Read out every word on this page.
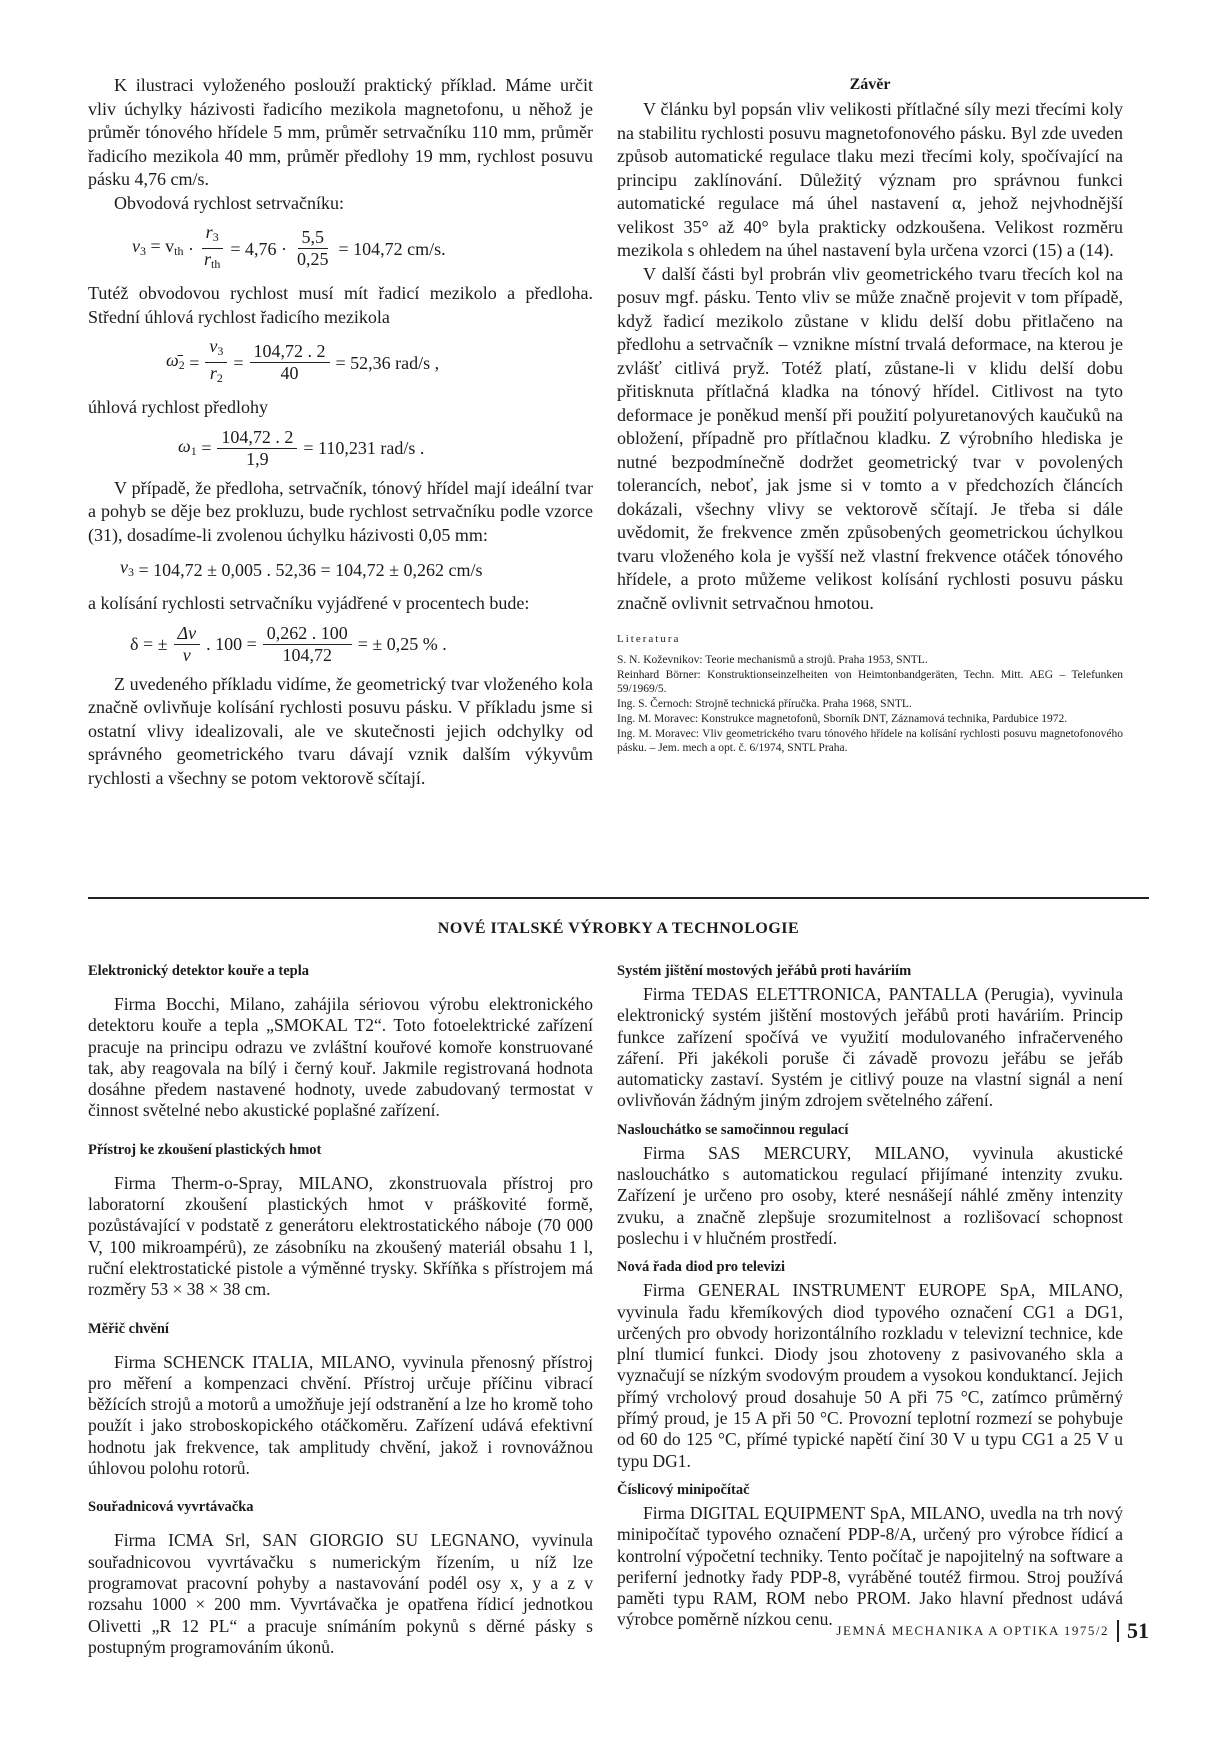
K ilustraci vyloženého poslouží praktický příklad. Máme určit vliv úchylky házivosti řadicího mezikola magnetofonu, u něhož je průměr tónového hřídele 5 mm, průměr setrvačníku 110 mm, průměr řadicího mezikola 40 mm, průměr předlohy 19 mm, rychlost posuvu pásku 4,76 cm/s.

Obvodová rychlost setrvačníku:

$v_3$
= $v_{th}$
· $\frac{r_3}{r_{th}} = 4,76 \cdot \frac{5,5}{0,25} = 104,72$ cm/s.

Tutéž obvodovou rychlost musí mít řadicí mezikolo a předloha. Střední úhlová rychlost řadicího mezikola

$\omegā_2$
= $\frac{v_3}{r_2} = \frac{104,72 . 2}{40} = 52,36$ rad/s ,

úhlová rychlost předlohy

$\omega_1$
= $\frac{104,72 . 2}{1,9} = 110,231$ rad/s .

V případě, že předloha, setrvačník, tónový hřídel mají ideální tvar a pohyb se děje bez prokluzu, bude rychlost setrvačníku podle vzorce (31), dosadíme-li zvolenou úchylku házivosti 0,05 mm:

$v_3$
= 104,72 ± 0,005 . 52,36 = 104,72 ± 0,262 cm/s

a kolísání rychlosti setrvačníku vyjádřené v procentech bude:

δ = ± $\frac{\Delta v}{v}$ . $100 = \frac{0,262 . 100}{104,72}$ = ± 0,25 % .

Z uvedeného příkladu vidíme, že geometrický tvar vloženého kola značně ovlivňuje kolísání rychlosti posuvu pásku. V příkladu jsme si ostatní vlivy idealizovali, ale ve skutečnosti jejich odchylky od správného geometrického tvaru dávají vznik dalším výkyvům rychlosti a všechny se potom vektorově sčítají.

Závěr

V článku byl popsán vliv velikosti přítlačné síly mezi třecími koly na stabilitu rychlosti posuvu magnetofonového pásku. Byl zde uveden způsob automatické regulace tlaku mezi třecími koly, spočívající na principu zaklínování. Důležitý význam pro správnou funkci automatické regulace má úhel nastavení α, jehož nejvhodnější velikost 35° až 40° byla prakticky odzkoušena. Velikost rozměru mezikola s ohledem na úhel nastavení byla určena vzorci (15) a (14).

V další části byl probrán vliv geometrického tvaru třecích kol na posuv mgf. pásku. Tento vliv se může značně projevit v tom případě, když řadicí mezikolo zůstane v klidu delší dobu přitlačeno na předlohu a setrvačník – vznikne místní trvalá deformace, na kterou je zvlášť citlivá pryž. Totéž platí, zůstane-li v klidu delší dobu přitisknuta přítlačná kladka na tónový hřídel. Citlivost na tyto deformace je poněkud menší při použití polyuretanových kaučuků na obložení, případně pro přítlačnou kladku. Z výrobního hlediska je nutné bezpodmínečně dodržet geometrický tvar v povolených tolerancích, neboť, jak jsme si v tomto a v předchozích článcích dokázali, všechny vlivy se vektorově sčítají. Je třeba si dále uvědomit, že frekvence změn způsobených geometrickou úchylkou tvaru vloženého kola je vyšší než vlastní frekvence otáček tónového hřídele, a proto můžeme velikost kolísání rychlosti posuvu pásku značně ovlivnit setrvačnou hmotou.

Literatura
S. N. Koževnikov: Teorie mechanismů a strojů. Praha 1953, SNTL.
Reinhard Börner: Konstruktionseinzelheiten von Heimtonbandgeräten, Techn. Mitt. AEG – Telefunken 59/1969/5.
Ing. S. Černoch: Strojně technická příručka. Praha 1968, SNTL.
Ing. M. Moravec: Konstrukce magnetofonů, Sborník DNT, Záznamová technika, Pardubice 1972.
Ing. M. Moravec: Vliv geometrického tvaru tónového hřídele na kolísání rychlosti posuvu magnetofonového pásku. – Jem. mech a opt. č. 6/1974, SNTL Praha.
NOVÉ ITALSKÉ VÝROBKY A TECHNOLOGIE
Elektronický detektor kouře a tepla

Firma Bocchi, Milano, zahájila sériovou výrobu elektronického detektoru kouře a tepla „SMOKAL T2“. Toto fotoelektrické zařízení pracuje na principu odrazu ve zvláštní kouřové komoře konstruované tak, aby reagovala na bílý i černý kouř. Jakmile registrovaná hodnota dosáhne předem nastavené hodnoty, uvede zabudovaný termostat v činnost světelné nebo akustické poplašné zařízení.

Přístroj ke zkoušení plastických hmot

Firma Therm-o-Spray, MILANO, zkonstruovala přístroj pro laboratorní zkoušení plastických hmot v práškovité formě, pozůstávající v podstatě z generátoru elektrostatického náboje (70 000 V, 100 mikroampérů), ze zásobníku na zkoušený materiál obsahu 1 l, ruční elektrostatické pistole a výměnné trysky. Skříňka s přístrojem má rozměry 53 × 38 × 38 cm.

Měřič chvění

Firma SCHENCK ITALIA, MILANO, vyvinula přenosný přístroj pro měření a kompenzaci chvění. Přístroj určuje příčinu vibrací běžících strojů a motorů a umožňuje její odstranění a lze ho kromě toho použít i jako stroboskopického otáčkoměru. Zařízení udává efektivní hodnotu jak frekvence, tak amplitudy chvění, jakož i rovnovážnou úhlovou polohu rotorů.

Souřadnicová vyvrtávačka

Firma ICMA Srl, SAN GIORGIO SU LEGNANO, vyvinula souřadnicovou vyvrtávačku s numerickým řízením, u níž lze programovat pracovní pohyby a nastavování podél osy x, y a z v rozsahu 1000 × 200 mm. Vyvrtávačka je opatřena řídicí jednotkou Olivetti „R 12 PL“ a pracuje snímáním pokynů s děrné pásky s postupným programováním úkonů.

Systém jištění mostových jeřábů proti haváriím

Firma TEDAS ELETTRONICA, PANTALLA (Perugia), vyvinula elektronický systém jištění mostových jeřábů proti haváriím. Princip funkce zařízení spočívá ve využití modulovaného infračerveného záření. Při jakékoli poruše či závadě provozu jeřábu se jeřáb automaticky zastaví. Systém je citlivý pouze na vlastní signál a není ovlivňován žádným jiným zdrojem světelného záření.

Naslouchátko se samočinnou regulací

Firma SAS MERCURY, MILANO, vyvinula akustické naslouchátko s automatickou regulací přijímané intenzity zvuku. Zařízení je určeno pro osoby, které nesnášejí náhlé změny intenzity zvuku, a značně zlepšuje srozumitelnost a rozlišovací schopnost poslechu i v hlučném prostředí.

Nová řada diod pro televizi

Firma GENERAL INSTRUMENT EUROPE SpA, MILANO, vyvinula řadu křemíkových diod typového označení CG1 a DG1, určených pro obvody horizontálního rozkladu v televizní technice, kde plní tlumicí funkci. Diody jsou zhotoveny z pasivovaného skla a vyznačují se nízkým svodovým proudem a vysokou konduktancí. Jejich přímý vrcholový proud dosahuje 50 A při 75 °C, zatímco průměrný přímý proud, je 15 A při 50 °C. Provozní teplotní rozmezí se pohybuje od 60 do 125 °C, přímé typické napětí činí 30 V u typu CG1 a 25 V u typu DG1.

Číslicový minipočítač

Firma DIGITAL EQUIPMENT SpA, MILANO, uvedla na trh nový minipočítač typového označení PDP-8/A, určený pro výrobce řídicí a kontrolní výpočetní techniky. Tento počítač je napojitelný na software a periferní jednotky řady PDP-8, vyráběné toutéž firmou. Stroj používá paměti typu RAM, ROM nebo PROM. Jako hlavní přednost udává výrobce poměrně nízkou cenu.

JEMNÁ MECHANIKA A OPTIKA 1975/2 51
